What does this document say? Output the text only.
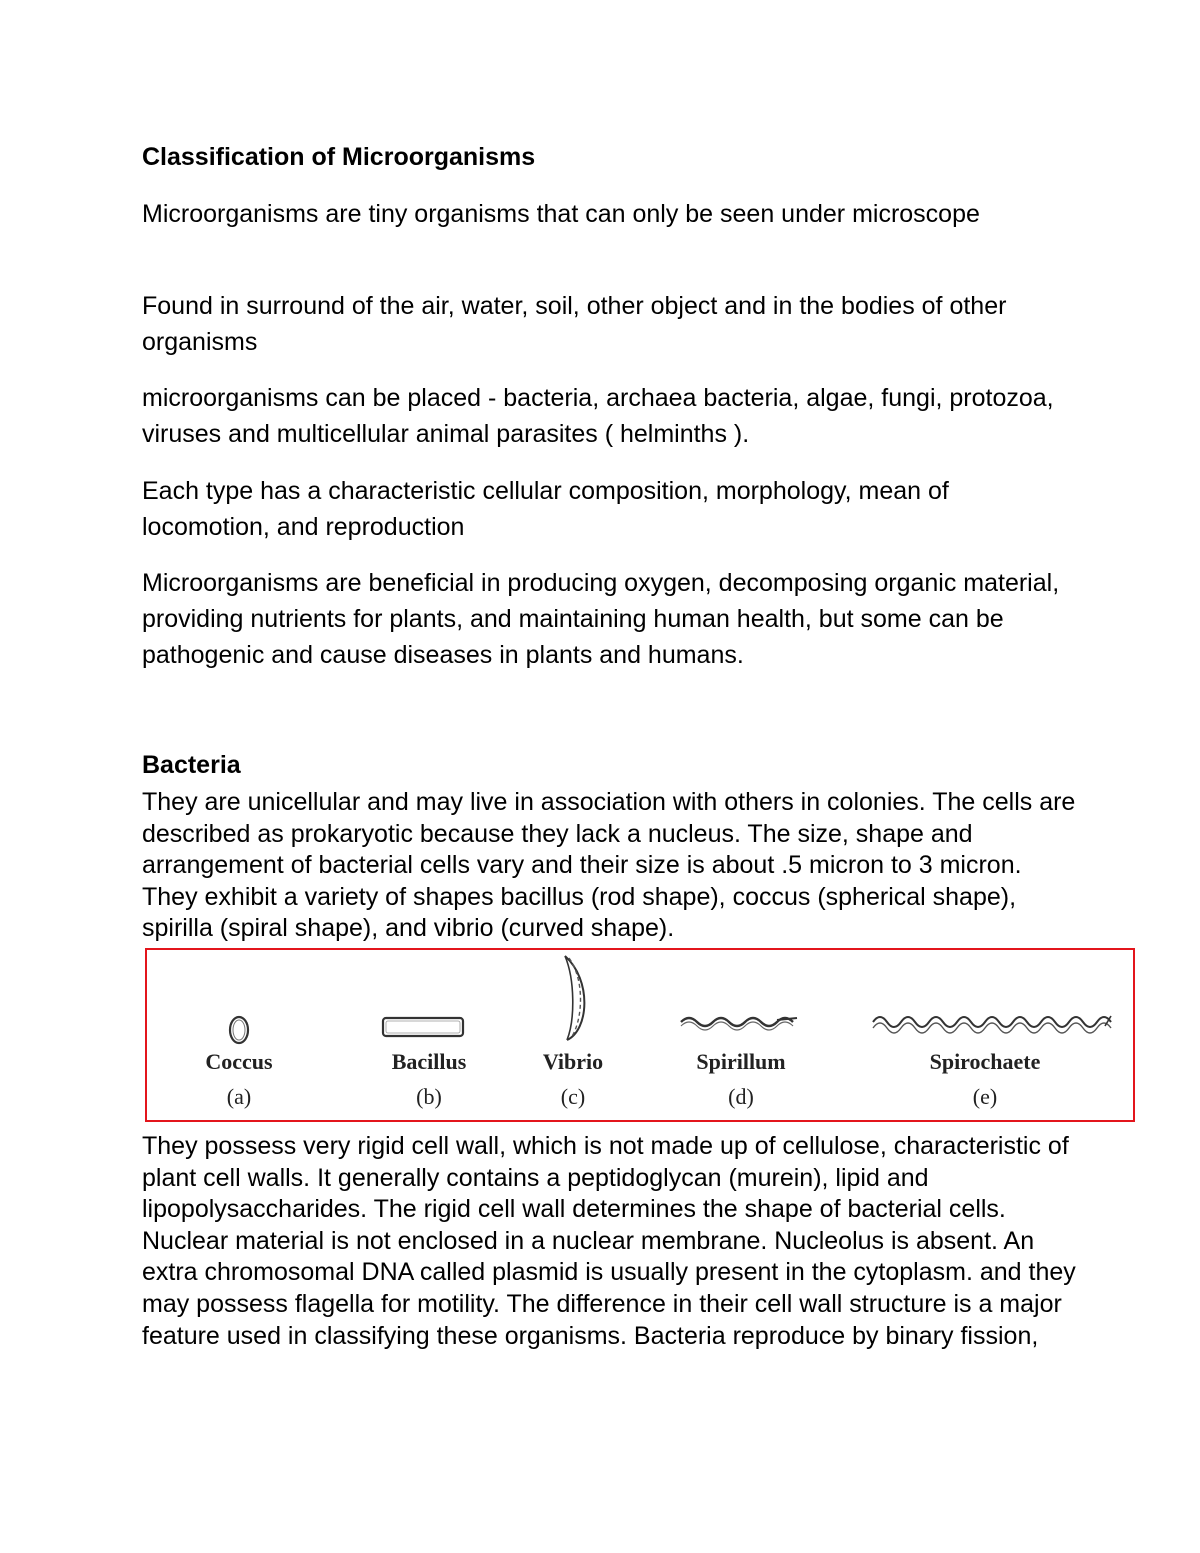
Classification of Microorganisms

Microorganisms are tiny organisms that can only be seen under microscope

Found in surround of the air, water, soil, other object and in the bodies of other organisms

microorganisms can be placed - bacteria, archaea bacteria, algae, fungi, protozoa, viruses and multicellular animal parasites ( helminths ).

Each type has a characteristic cellular composition, morphology, mean of locomotion, and reproduction

Microorganisms are beneficial in producing oxygen, decomposing organic material, providing nutrients for plants, and maintaining human health, but some can be pathogenic and cause diseases in plants and humans.

Bacteria

They are unicellular and may live in association with others in colonies. The cells are described as prokaryotic because they lack a nucleus. The size, shape and arrangement of bacterial cells vary and their size is about .5 micron to 3 micron. They exhibit a variety of shapes bacillus (rod shape), coccus (spherical shape), spirilla (spiral shape), and vibrio (curved shape).

Coccus
(a)
Bacillus
(b)
Vibrio
(c)
Spirillum
(d)
Spirochaete
(e)

They possess very rigid cell wall, which is not made up of cellulose, characteristic of plant cell walls. It generally contains a peptidoglycan (murein), lipid and lipopolysaccharides. The rigid cell wall determines the shape of bacterial cells. Nuclear material is not enclosed in a nuclear membrane. Nucleolus is absent. An extra chromosomal DNA called plasmid is usually present in the cytoplasm. and they may possess flagella for motility. The difference in their cell wall structure is a major feature used in classifying these organisms. Bacteria reproduce by binary fission,
